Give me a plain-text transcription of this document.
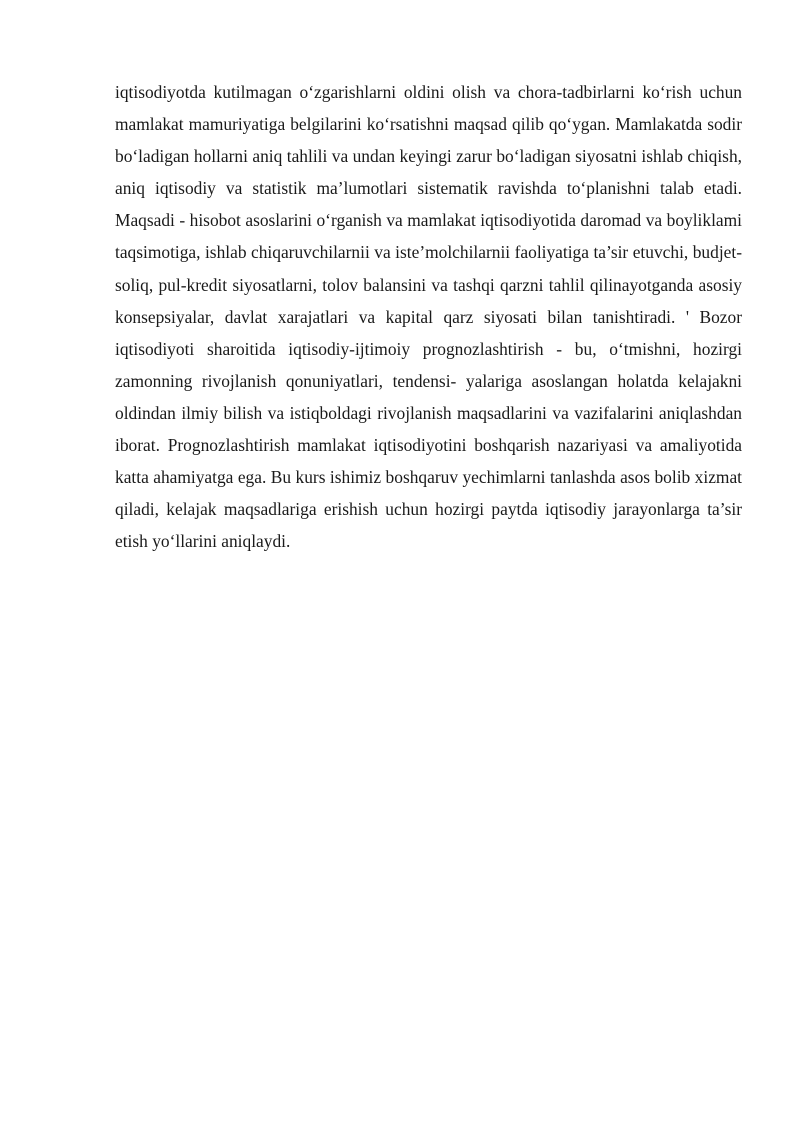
iqtisodiyotda kutilmagan o‘zgarishlarni oldini olish va chora-tadbirlarni ko‘rish uchun mamlakat mamuriyatiga belgilarini ko‘rsatishni maqsad qilib qo‘ygan. Mamlakatda sodir bo‘ladigan hollarni aniq tahlili va undan keyingi zarur bo‘ladigan siyosatni ishlab chiqish, aniq iqtisodiy va statistik ma’lumotlari sistematik ravishda to‘planishni talab etadi. Maqsadi - hisobot asoslarini o‘rganish va mamlakat iqtisodiyotida daromad va boyliklami taqsimotiga, ishlab chiqaruvchilarnii va iste’molchilarnii faoliyatiga ta’sir etuvchi, budjet-soliq, pul-kredit siyosatlarni, tolov balansini va tashqi qarzni tahlil qilinayotganda asosiy konsepsiyalar, davlat xarajatlari va kapital qarz siyosati bilan tanishtiradi. ' Bozor iqtisodiyoti sharoitida iqtisodiy-ijtimoiy prognozlashtirish - bu, o‘tmishni, hozirgi zamonning rivojlanish qonuniyatlari, tendensi- yalariga asoslangan holatda kelajakni oldindan ilmiy bilish va istiqboldagi rivojlanish maqsadlarini va vazifalarini aniqlashdan iborat. Prognozlashtirish mamlakat iqtisodiyotini boshqarish nazariyasi va amaliyotida katta ahamiyatga ega. Bu kurs ishimiz boshqaruv yechimlarni tanlashda asos bolib xizmat qiladi, kelajak maqsadlariga erishish uchun hozirgi paytda iqtisodiy jarayonlarga ta’sir etish yo‘llarini aniqlaydi.
